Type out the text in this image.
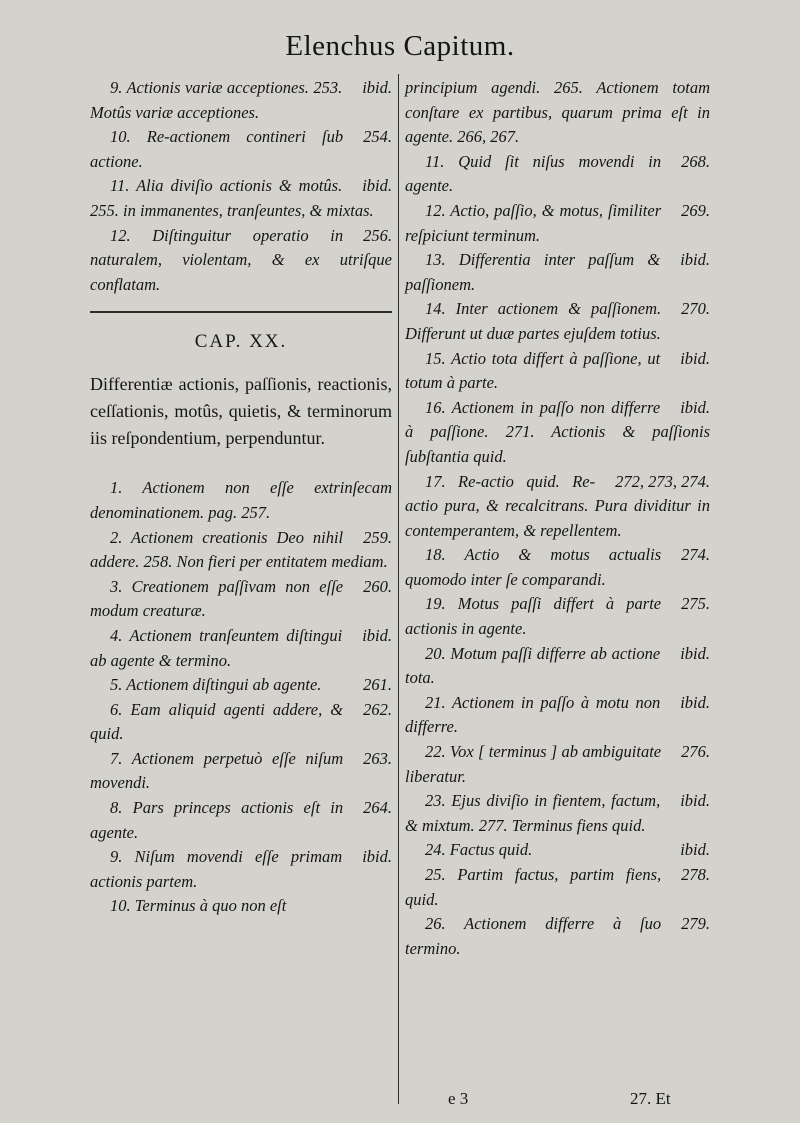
Elenchus Capitum.

ibid.
9. Actionis variæ acceptiones. 253. Motûs variæ acceptiones.

254.
10. Re-actionem contineri ſub actione.

ibid.
11. Alia diviſio actionis & motûs. 255. in immanentes, tranſeuntes, & mixtas.

256.
12. Diſtinguitur operatio in naturalem, violentam, & ex utriſque conflatam.

CAP. XX.

Differentiæ actionis, paſſionis, reactionis, ceſſationis, motûs, quietis, & terminorum iis reſpondentium, perpenduntur.

1. Actionem non eſſe extrinſecam denominationem. pag. 257.

259.
2. Actionem creationis Deo nihil addere. 258. Non fieri per entitatem mediam.

260.
3. Creationem paſſivam non eſſe modum creaturæ.

ibid.
4. Actionem tranſeuntem diſtingui ab agente & termino.

261.
5. Actionem diſtingui ab agente.

262.
6. Eam aliquid agenti addere, & quid.

263.
7. Actionem perpetuò eſſe niſum movendi.

264.
8. Pars princeps actionis eſt in agente.

ibid.
9. Niſum movendi eſſe primam actionis partem.

10. Terminus à quo non eſt

principium agendi. 265. Actionem totam conſtare ex partibus, quarum prima eſt in agente. 266, 267.

268.
11. Quid ſit niſus movendi in agente.

269.
12. Actio, paſſio, & motus, ſimiliter reſpiciunt terminum.

ibid.
13. Differentia inter paſſum & paſſionem.

270.
14. Inter actionem & paſſionem. Differunt ut duæ partes ejuſdem totius.

ibid.
15. Actio tota differt à paſſione, ut totum à parte.

ibid.
16. Actionem in paſſo non differre à paſſione. 271. Actionis & paſſionis ſubſtantia quid.

272, 273, 274.
17. Re-actio quid. Re-actio pura, & recalcitrans. Pura dividitur in contemperantem, & repellentem.

274.
18. Actio & motus actualis quomodo inter ſe comparandi.

275.
19. Motus paſſi differt à parte actionis in agente.

ibid.
20. Motum paſſi differre ab actione tota.

ibid.
21. Actionem in paſſo à motu non differre.

276.
22. Vox [ terminus ] ab ambiguitate liberatur.

ibid.
23. Ejus diviſio in fientem, factum, & mixtum. 277. Terminus fiens quid.

ibid.
24. Factus quid.

278.
25. Partim factus, partim fiens, quid.

279.
26. Actionem differre à ſuo termino.

e 3	27. Et
